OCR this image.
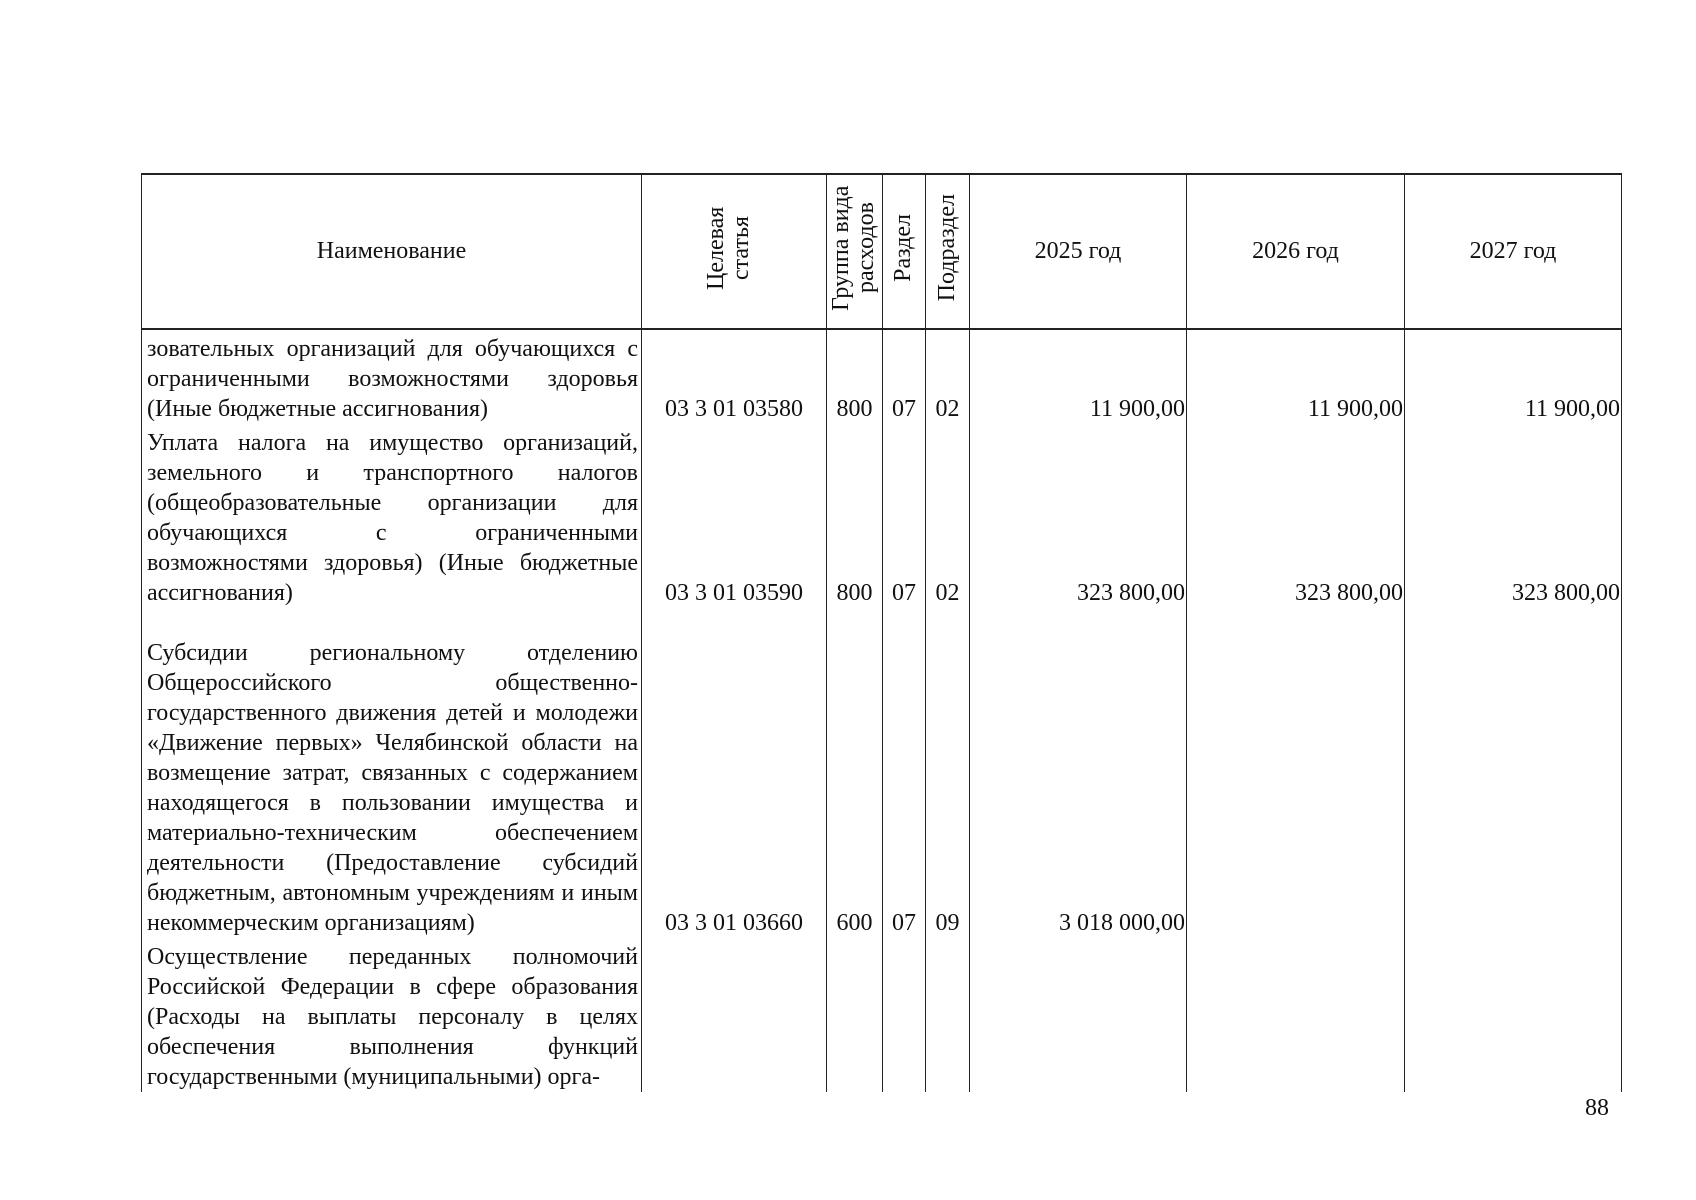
Наименование	Целевая статья	Группа вида расходов	Раздел	Подраздел	2025 год	2026 год	2027 год
зовательных организаций для обучающихся с ограниченными возможностями здоровья (Иные бюджетные ассигнования)	03 3 01 03580	800	07	02	11 900,00	11 900,00	11 900,00
Уплата налога на имущество организаций, земельного и транспортного налогов (общеобразовательные организации для обучающихся с ограниченными возможностями здоровья) (Иные бюджетные ассигнования)	03 3 01 03590	800	07	02	323 800,00	323 800,00	323 800,00
Субсидии региональному отделению Общероссийского общественно-государственного движения детей и молодежи «Движение первых» Челябинской области на возмещение затрат, связанных с содержанием находящегося в пользовании имущества и материально-техническим обеспечением деятельности (Предоставление субсидий бюджетным, автономным учреждениям и иным некоммерческим организациям)	03 3 01 03660	600	07	09	3 018 000,00		
Осуществление переданных полномочий Российской Федерации в сфере образования (Расходы на выплаты персоналу в целях обеспечения выполнения функций государственными (муниципальными) орга-							
88
